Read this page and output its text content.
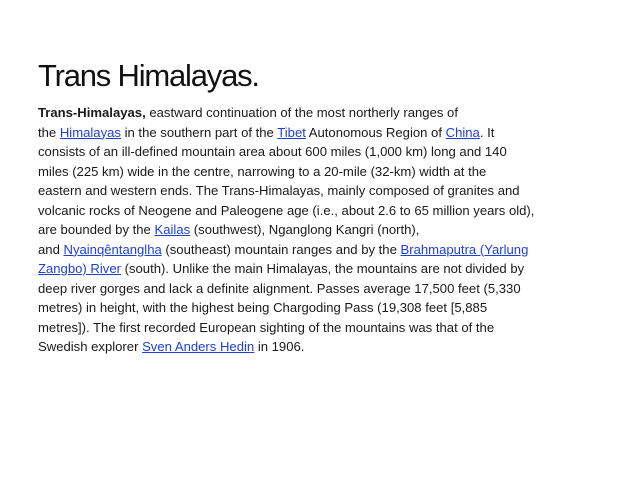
Trans Himalayas.
Trans-Himalayas, eastward continuation of the most northerly ranges of
the Himalayas in the southern part of the Tibet Autonomous Region of China. It
consists of an ill-defined mountain area about 600 miles (1,000 km) long and 140
miles (225 km) wide in the centre, narrowing to a 20-mile (32-km) width at the
eastern and western ends. The Trans-Himalayas, mainly composed of granites and
volcanic rocks of Neogene and Paleogene age (i.e., about 2.6 to 65 million years old),
are bounded by the Kailas (southwest), Nganglong Kangri (north),
and Nyainqêntanglha (southeast) mountain ranges and by the Brahmaputra (Yarlung
Zangbo) River (south). Unlike the main Himalayas, the mountains are not divided by
deep river gorges and lack a definite alignment. Passes average 17,500 feet (5,330
metres) in height, with the highest being Chargoding Pass (19,308 feet [5,885
metres]). The first recorded European sighting of the mountains was that of the
Swedish explorer Sven Anders Hedin in 1906.
